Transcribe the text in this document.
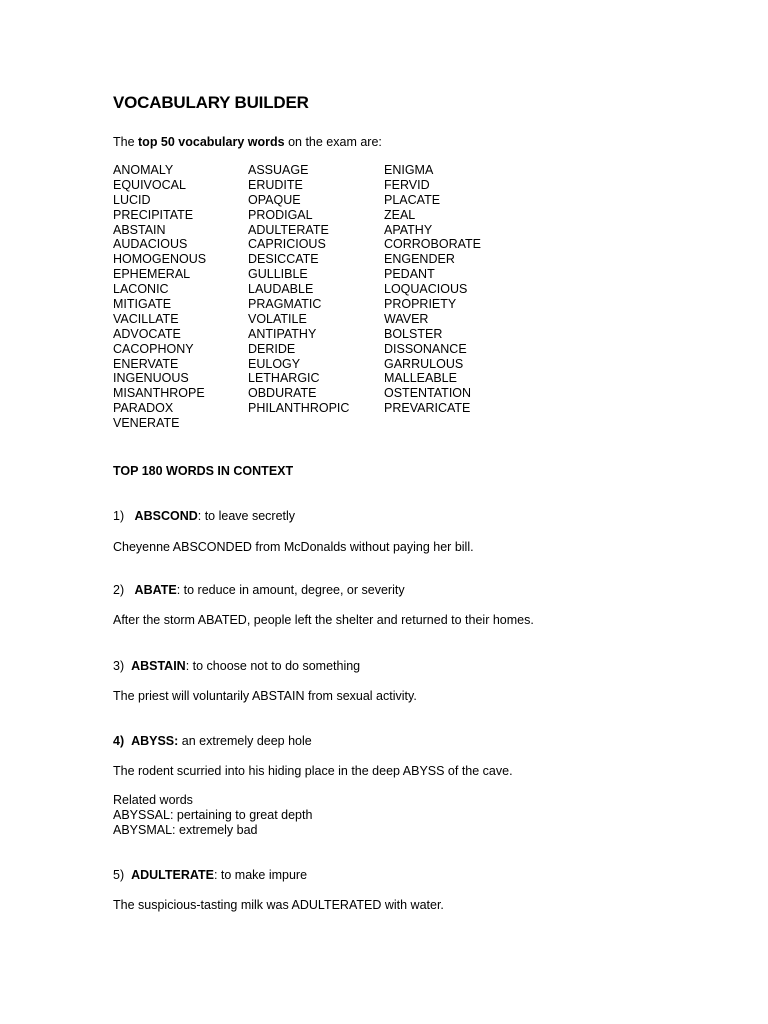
VOCABULARY BUILDER
The top 50 vocabulary words on the exam are:
ANOMALY
EQUIVOCAL
LUCID
PRECIPITATE
ABSTAIN
AUDACIOUS
HOMOGENOUS
EPHEMERAL
LACONIC
MITIGATE
VACILLATE
ADVOCATE
CACOPHONY
ENERVATE
INGENUOUS
MISANTHROPE
PARADOX
VENERATE
ASSUAGE
ERUDITE
OPAQUE
PRODIGAL
ADULTERATE
CAPRICIOUS
DESICCATE
GULLIBLE
LAUDABLE
PRAGMATIC
VOLATILE
ANTIPATHY
DERIDE
EULOGY
LETHARGIC
OBDURATE
PHILANTHROPIC
ENIGMA
FERVID
PLACATE
ZEAL
APATHY
CORROBORATE
ENGENDER
PEDANT
LOQUACIOUS
PROPRIETY
WAVER
BOLSTER
DISSONANCE
GARRULOUS
MALLEABLE
OSTENTATION
PREVARICATE
TOP 180 WORDS IN CONTEXT
1) ABSCOND: to leave secretly
Cheyenne ABSCONDED from McDonalds without paying her bill.
2) ABATE: to reduce in amount, degree, or severity
After the storm ABATED, people left the shelter and returned to their homes.
3) ABSTAIN: to choose not to do something
The priest will voluntarily ABSTAIN from sexual activity.
4) ABYSS: an extremely deep hole
The rodent scurried into his hiding place in the deep ABYSS of the cave.
Related words
ABYSSAL: pertaining to great depth
ABYSMAL: extremely bad
5) ADULTERATE: to make impure
The suspicious-tasting milk was ADULTERATED with water.
